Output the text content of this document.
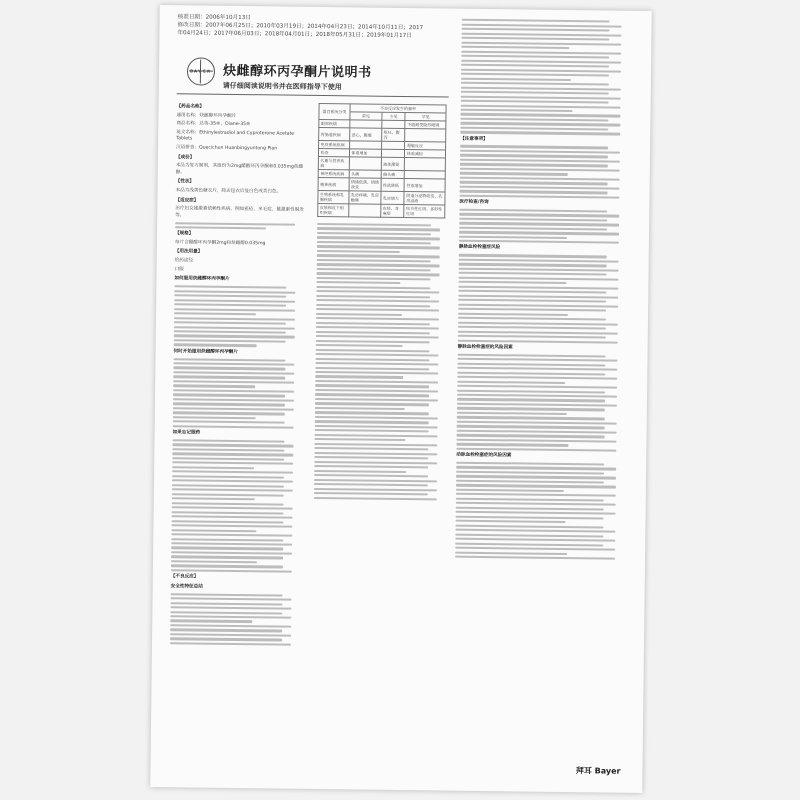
核准日期：2006年10月13日
修改日期：2007年06月25日；2010年03月19日；2014年04月23日；2014年10月11日；2017年04月24日；2017年06月03日；2018年04月01日；2018年05月31日；2019年01月17日
B A Y E R 炔雌醇环丙孕酮片说明书
请仔细阅读说明书并在医师指导下使用

【药品名称】

通用名称：炔雌醇环丙孕酮片

商品名称：达英-35®，Diane-35®

英文名称：Ethinylestradiol and Cyproterone Acetate Tablets

汉语拼音：Quecichun Huanbingyuntong Pian

【成份】

本品为复方制剂，其组份为2mg醋酸环丙孕酮和0.035mg炔雌醇。

【性状】

本品为浅黄色糖衣片，除去包衣后显白色或类白色。

【适应症】

治疗妇女雄激素依赖性疾病，例如痤疮、多毛症、雄激素性脱发等。

【规格】

每片含醋酸环丙孕酮2mg和炔雌醇0.035mg

【用法用量】

给药途径

口服

如何服用炔雌醇环丙孕酮片

何时开始服用炔雌醇环丙孕酮片

如果忘记服药

【不良反应】

安全性特征总结

器官系统分类	不良反应发生的频率		
	常见	少见	罕见
眼部疾病			不能耐受隐形眼镜
胃肠道疾病	恶心、腹痛	呕吐、腹泻	
免疫系统疾病			超敏反应
检查	体重增加		体重减轻
代谢与营养疾病		液体潴留	
神经系统疾病	头痛	偏头痛	
精神疾病	情绪低落、情绪改变	性欲降低	性欲增加
生殖系统和乳腺疾病	乳房疼痛、乳房触痛	乳房增大	阴道分泌物改变、乳房溢液
皮肤和皮下组织疾病		皮疹、荨麻疹	结节性红斑、多形性红斑

【注意事项】

医疗检查/咨询

静脉血栓栓塞症风险

静脉血栓栓塞症的风险因素

动脉血栓栓塞症的风险因素

拜耳 Bayer
